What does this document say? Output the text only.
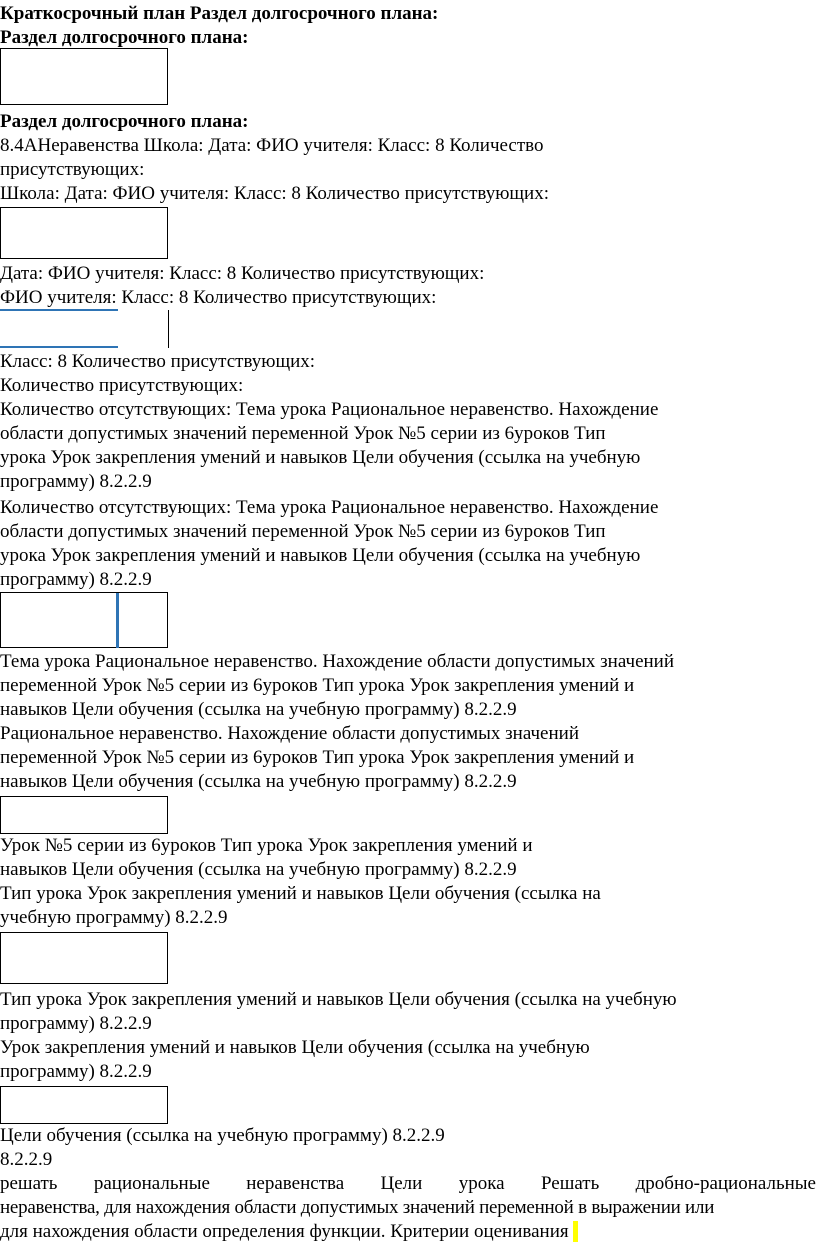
Краткосрочный план Раздел долгосрочного плана:
Раздел долгосрочного плана:
Раздел долгосрочного плана:
8.4АНеравенства Школа: Дата: ФИО учителя: Класс: 8 Количество
присутствующих:
Школа: Дата: ФИО учителя: Класс: 8 Количество присутствующих:
Дата: ФИО учителя: Класс: 8 Количество присутствующих:
ФИО учителя: Класс: 8 Количество присутствующих:
Класс: 8 Количество присутствующих:
Количество присутствующих:
Количество отсутствующих: Тема урока Рациональное неравенство. Нахождение
области допустимых значений переменной Урок №5 серии из 6уроков Тип
урока Урок закрепления умений и навыков Цели обучения (ссылка на учебную
программу) 8.2.2.9
Количество отсутствующих: Тема урока Рациональное неравенство. Нахождение
области допустимых значений переменной Урок №5 серии из 6уроков Тип
урока Урок закрепления умений и навыков Цели обучения (ссылка на учебную
программу) 8.2.2.9
Тема урока Рациональное неравенство. Нахождение области допустимых значений
переменной Урок №5 серии из 6уроков Тип урока Урок закрепления умений и
навыков Цели обучения (ссылка на учебную программу) 8.2.2.9
Рациональное неравенство. Нахождение области допустимых значений
переменной Урок №5 серии из 6уроков Тип урока Урок закрепления умений и
навыков Цели обучения (ссылка на учебную программу) 8.2.2.9
Урок №5 серии из 6уроков Тип урока Урок закрепления умений и
навыков Цели обучения (ссылка на учебную программу) 8.2.2.9
Тип урока Урок закрепления умений и навыков Цели обучения (ссылка на
учебную программу) 8.2.2.9
Тип урока Урок закрепления умений и навыков Цели обучения (ссылка на учебную
программу) 8.2.2.9
Урок закрепления умений и навыков Цели обучения (ссылка на учебную
программу) 8.2.2.9
Цели обучения (ссылка на учебную программу) 8.2.2.9
8.2.2.9
решать рациональные неравенства Цели урока Решать дробно-рациональные
неравенства, для нахождения области допустимых значений переменной в выражении или
для нахождения области определения функции. Критерии оценивания
